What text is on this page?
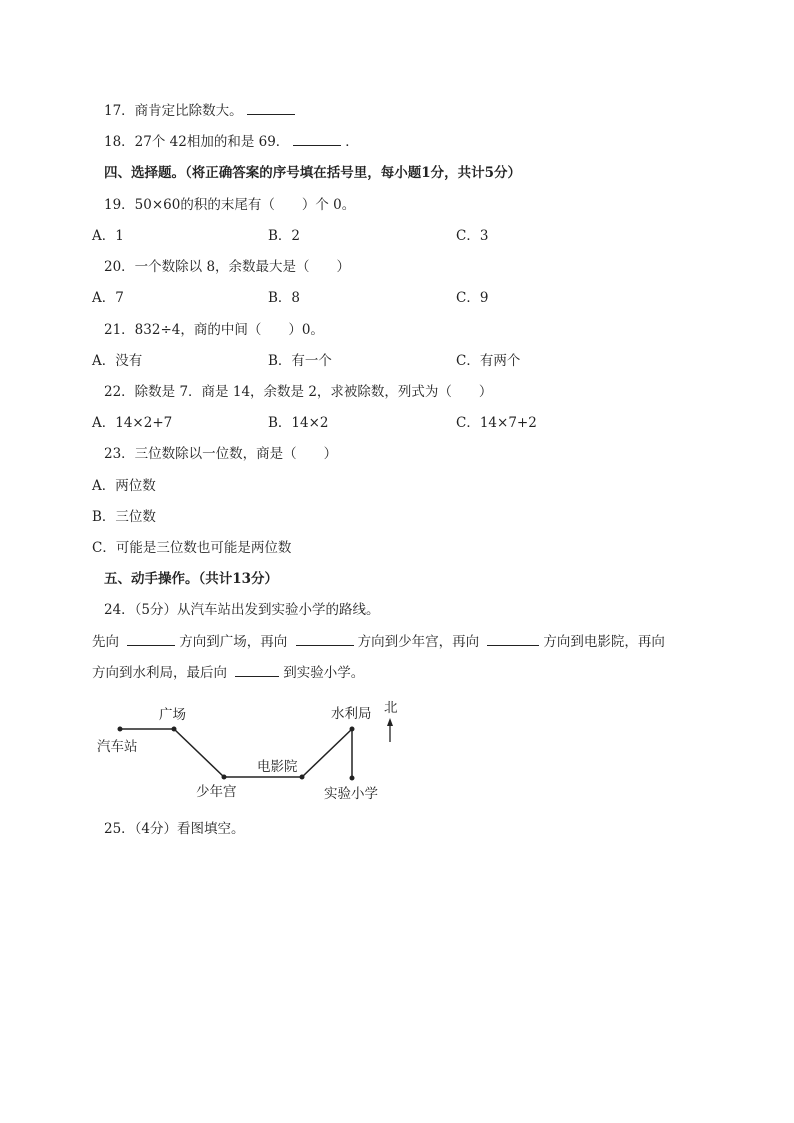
17．商肯定比除数大。
18．27个 42相加的和是 69．	．
四、选择题。（将正确答案的序号填在括号里，每小题1分，共计5分）
19．50×60的积的末尾有（　　）个 0。
A．1	B．2	C．3
20．一个数除以 8，余数最大是（　　）
A．7	B．8	C．9
21．832÷4，商的中间（　　）0。
A．没有	B．有一个	C．有两个
22．除数是 7．商是 14，余数是 2，求被除数，列式为（　　）
A．14×2+7	B．14×2	C．14×7+2
23．三位数除以一位数，商是（　　）
A．两位数
B．三位数
C．可能是三位数也可能是两位数
五、动手操作。（共计13分）
24．（5分）从汽车站出发到实验小学的路线。
先向	方向到广场，再向	方向到少年宫，再向	方向到电影院，再向
方向到水利局，最后向	到实验小学。
汽车站
广场
少年宫
电影院
水利局
实验小学
北
25．（4分）看图填空。
